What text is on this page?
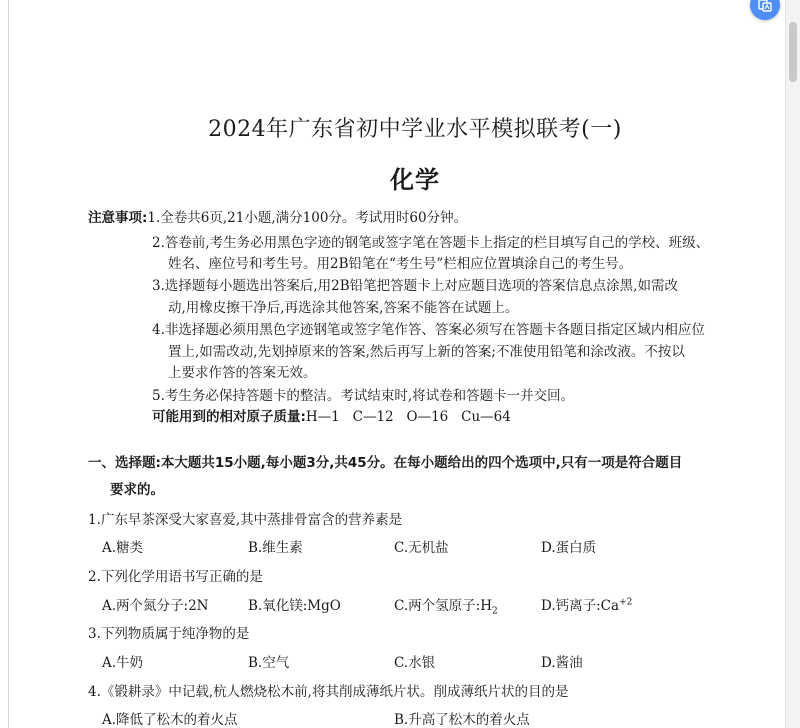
2024年广东省初中学业水平模拟联考(一)
化学
注意事项:1.全卷共6页,21小题,满分100分。考试用时60分钟。
2.答卷前,考生务必用黑色字迹的钢笔或签字笔在答题卡上指定的栏目填写自己的学校、班级、
姓名、座位号和考生号。用2B铅笔在“考生号”栏相应位置填涂自己的考生号。
3.选择题每小题选出答案后,用2B铅笔把答题卡上对应题目选项的答案信息点涂黑,如需改
动,用橡皮擦干净后,再选涂其他答案,答案不能答在试题上。
4.非选择题必须用黑色字迹钢笔或签字笔作答、答案必须写在答题卡各题目指定区域内相应位
置上,如需改动,先划掉原来的答案,然后再写上新的答案;不准使用铅笔和涂改液。不按以
上要求作答的答案无效。
5.考生务必保持答题卡的整洁。考试结束时,将试卷和答题卡一并交回。
可能用到的相对原子质量:H—1   C—12   O—16   Cu—64
一、选择题:本大题共15小题,每小题3分,共45分。在每小题给出的四个选项中,只有一项是符合题目
要求的。
1.广东早茶深受大家喜爱,其中蒸排骨富含的营养素是
A.糖类	B.维生素	C.无机盐	D.蛋白质
2.下列化学用语书写正确的是
A.两个氮分子:2N	B.氧化镁:MgO	C.两个氢原子$:H_2$	D.钙离子$:Ca^{+2}$
3.下列物质属于纯净物的是
A.牛奶	B.空气	C.水银	D.酱油
4.《锻耕录》中记载,杭人燃烧松木前,将其削成薄纸片状。削成薄纸片状的目的是
A.降低了松木的着火点	B.升高了松木的着火点
